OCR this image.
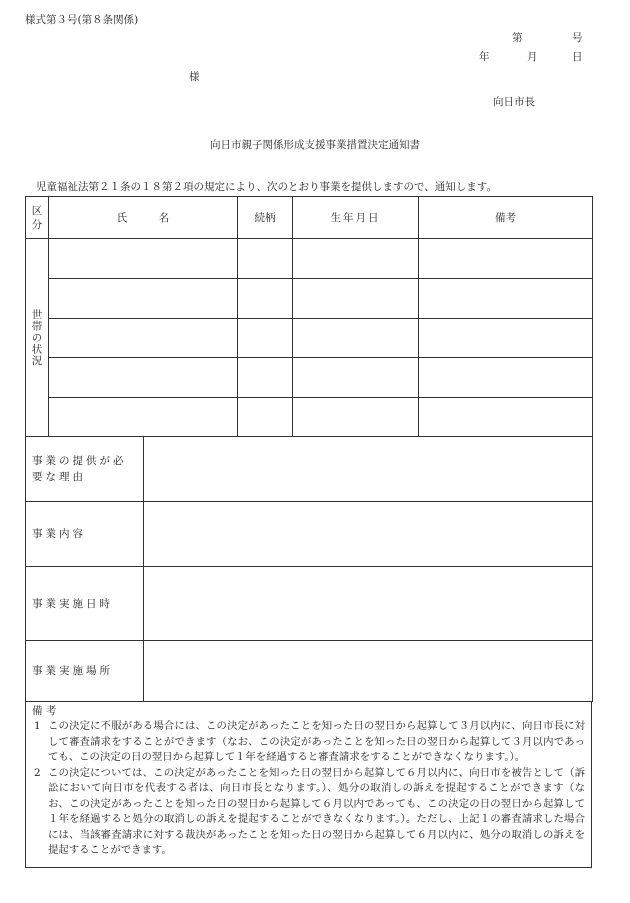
様式第３号(第８条関係)
第	号
年	月	日
様
向日市長
向日市親子関係形成支援事業措置決定通知書
児童福祉法第２１条の１８第２項の規定により、次のとおり事業を提供しますので、通知します。
区分	氏　　　名	続柄	生年月日	備考

世帯の状況				

事業の提供が必要な理由	

事業内容	

事業実施日時	

事業実施場所	

備 考
1 この決定に不服がある場合には、この決定があったことを知った日の翌日から起算して３月以内に、向日市長に対して審査請求をすることができます（なお、この決定があったことを知った日の翌日から起算して３月以内であっても、この決定の日の翌日から起算して１年を経過すると審査請求をすることができなくなります。）。
2 この決定については、この決定があったことを知った日の翌日から起算して６月以内に、向日市を被告として（訴訟において向日市を代表する者は、向日市長となります。）、処分の取消しの訴えを提起することができます（なお、この決定があったことを知った日の翌日から起算して６月以内であっても、この決定の日の翌日から起算して１年を経過すると処分の取消しの訴えを提起することができなくなります。）。ただし、上記１の審査請求した場合には、当該審査請求に対する裁決があったことを知った日の翌日から起算して６月以内に、処分の取消しの訴えを提起することができます。
